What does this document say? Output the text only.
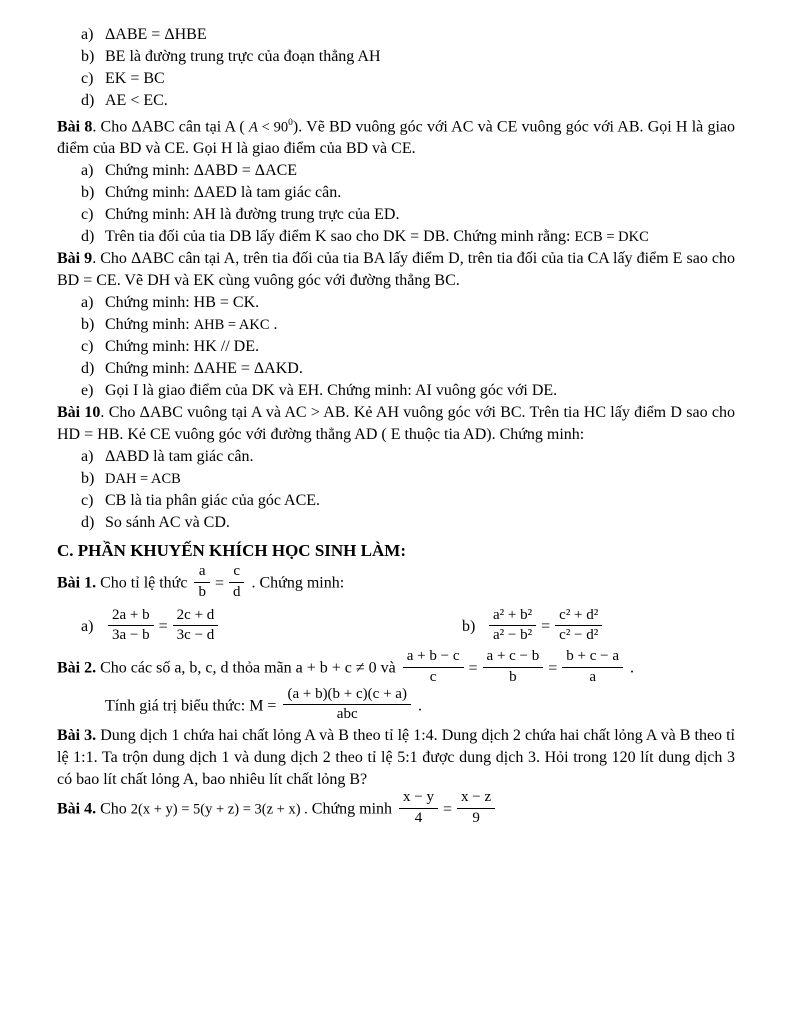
a) ΔABE = ΔHBE
b) BE là đường trung trực của đoạn thẳng AH
c) EK = BC
d) AE < EC.

Bài 8. Cho ΔABC cân tại A ( $A < 90^0$). Vẽ BD vuông góc với AC và CE vuông góc với AB. Gọi H là giao điểm của BD và CE. Gọi H là giao điểm của BD và CE.

a) Chứng minh: ΔABD = ΔACE
b) Chứng minh: ΔAED là tam giác cân.
c) Chứng minh: AH là đường trung trực của ED.
d) Trên tia đối của tia DB lấy điểm K sao cho DK = DB. Chứng minh rằng: ECB = DKC

Bài 9. Cho ΔABC cân tại A, trên tia đối của tia BA lấy điểm D, trên tia đối của tia CA lấy điểm E sao cho BD = CE. Vẽ DH và EK cùng vuông góc với đường thẳng BC.

a) Chứng minh: HB = CK.
b) Chứng minh: AHB = AKC .
c) Chứng minh: HK // DE.
d) Chứng minh: ΔAHE = ΔAKD.
e) Gọi I là giao điểm của DK và EH. Chứng minh: AI vuông góc với DE.

Bài 10. Cho ΔABC vuông tại A và AC > AB. Kẻ AH vuông góc với BC. Trên tia HC lấy điểm D sao cho HD = HB. Kẻ CE vuông góc với đường thẳng AD ( E thuộc tia AD). Chứng minh:

a) ΔABD là tam giác cân.
b) DAH = ACB
c) CB là tia phân giác của góc ACE.
d) So sánh AC và CD.
C. PHẦN KHUYẾN KHÍCH HỌC SINH LÀM:

Bài 1. Cho tỉ lệ thức $\frac{a}{b} = \frac{c}{d}$ . Chứng minh:

$a) \frac{2a + b}{3a - b} = \frac{2c + d}{3c - d}$	$b) \frac{\text{a² + b²}}{\text{a² − b²}} = \frac{\text{c² + d²}}{\text{c² − d²}}$

Bài 2. Cho các số a, b, c, d thỏa mãn a + b + c ≠ 0 và $\frac{a + b - c}{c} = \frac{a + c - b}{b} = \frac{b + c - a}{a}$ .

Tính giá trị biểu thức: $M = \frac{(a + b)(b + c)(c + a)}{\text{abc}}$ .

Bài 3. Dung dịch 1 chứa hai chất lỏng A và B theo tỉ lệ 1:4. Dung dịch 2 chứa hai chất lỏng A và B theo tỉ lệ 1:1. Ta trộn dung dịch 1 và dung dịch 2 theo tỉ lệ 5:1 được dung dịch 3. Hỏi trong 120 lít dung dịch 3 có bao lít chất lỏng A, bao nhiêu lít chất lỏng B?

Bài 4. Cho 2(x + y) = 5(y + z) = 3(z + x) . Chứng minh $\frac{x - y}{4} = \frac{x - z}{9}$
